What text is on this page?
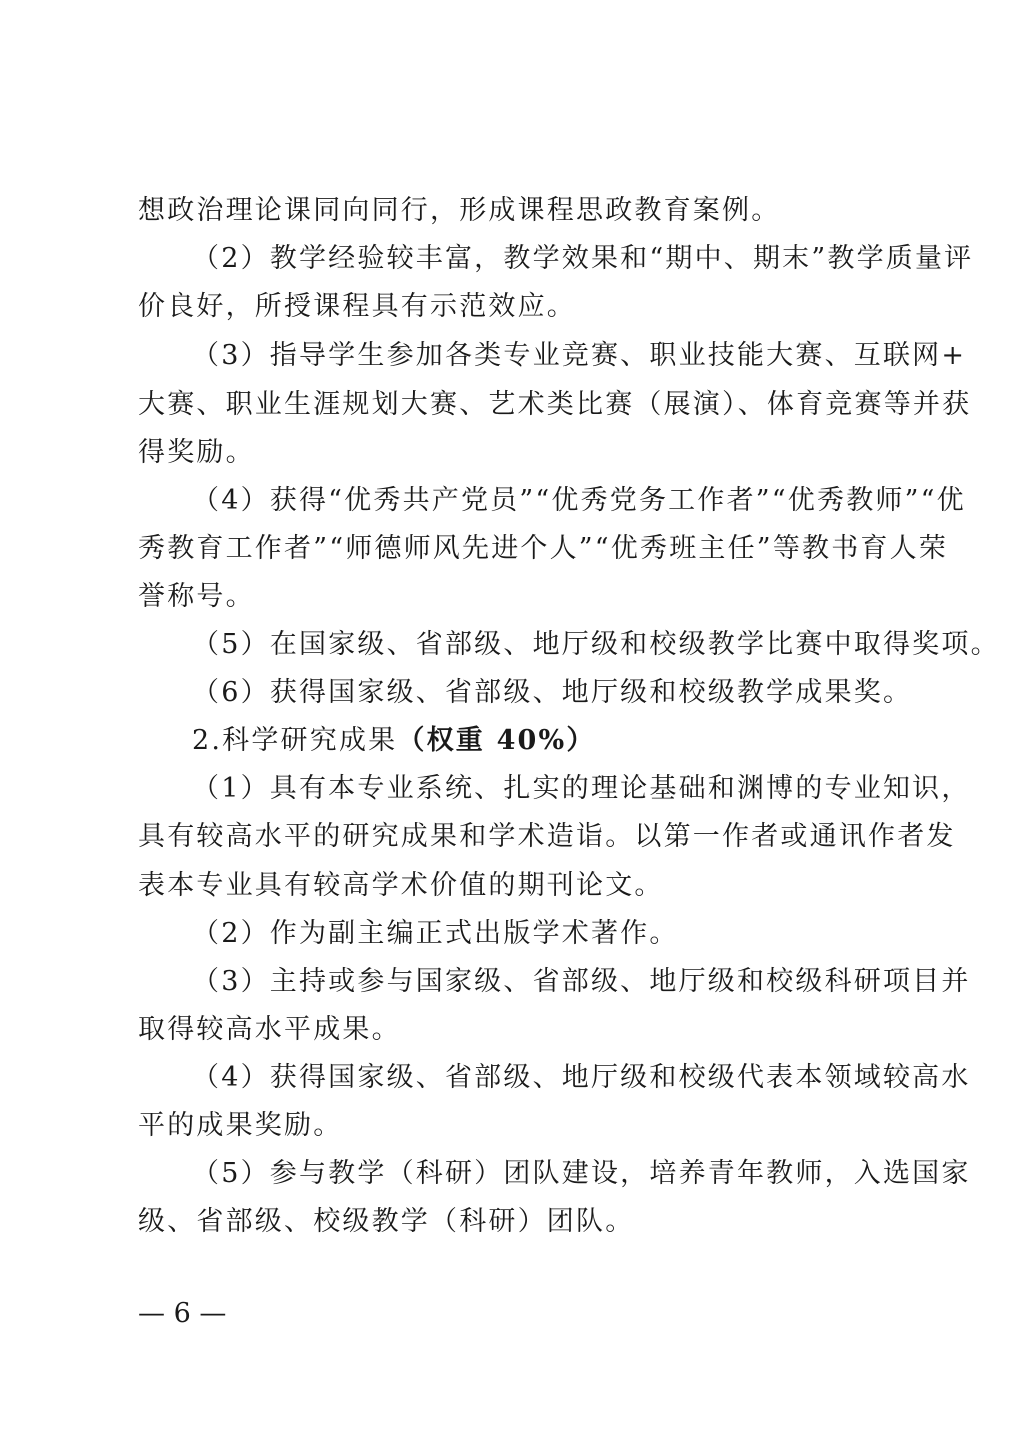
想政治理论课同向同行，形成课程思政教育案例。
（2）教学经验较丰富，教学效果和“期中、期末”教学质量评
价良好，所授课程具有示范效应。
（3）指导学生参加各类专业竞赛、职业技能大赛、互联网+
大赛、职业生涯规划大赛、艺术类比赛（展演）、体育竞赛等并获
得奖励。
（4）获得“优秀共产党员”“优秀党务工作者”“优秀教师”“优
秀教育工作者”“师德师风先进个人”“优秀班主任”等教书育人荣
誉称号。
（5）在国家级、省部级、地厅级和校级教学比赛中取得奖项。
（6）获得国家级、省部级、地厅级和校级教学成果奖。
2.科学研究成果（权重 40%）
（1）具有本专业系统、扎实的理论基础和渊博的专业知识，
具有较高水平的研究成果和学术造诣。以第一作者或通讯作者发
表本专业具有较高学术价值的期刊论文。
（2）作为副主编正式出版学术著作。
（3）主持或参与国家级、省部级、地厅级和校级科研项目并
取得较高水平成果。
（4）获得国家级、省部级、地厅级和校级代表本领域较高水
平的成果奖励。
（5）参与教学（科研）团队建设，培养青年教师，入选国家
级、省部级、校级教学（科研）团队。
— 6 —
